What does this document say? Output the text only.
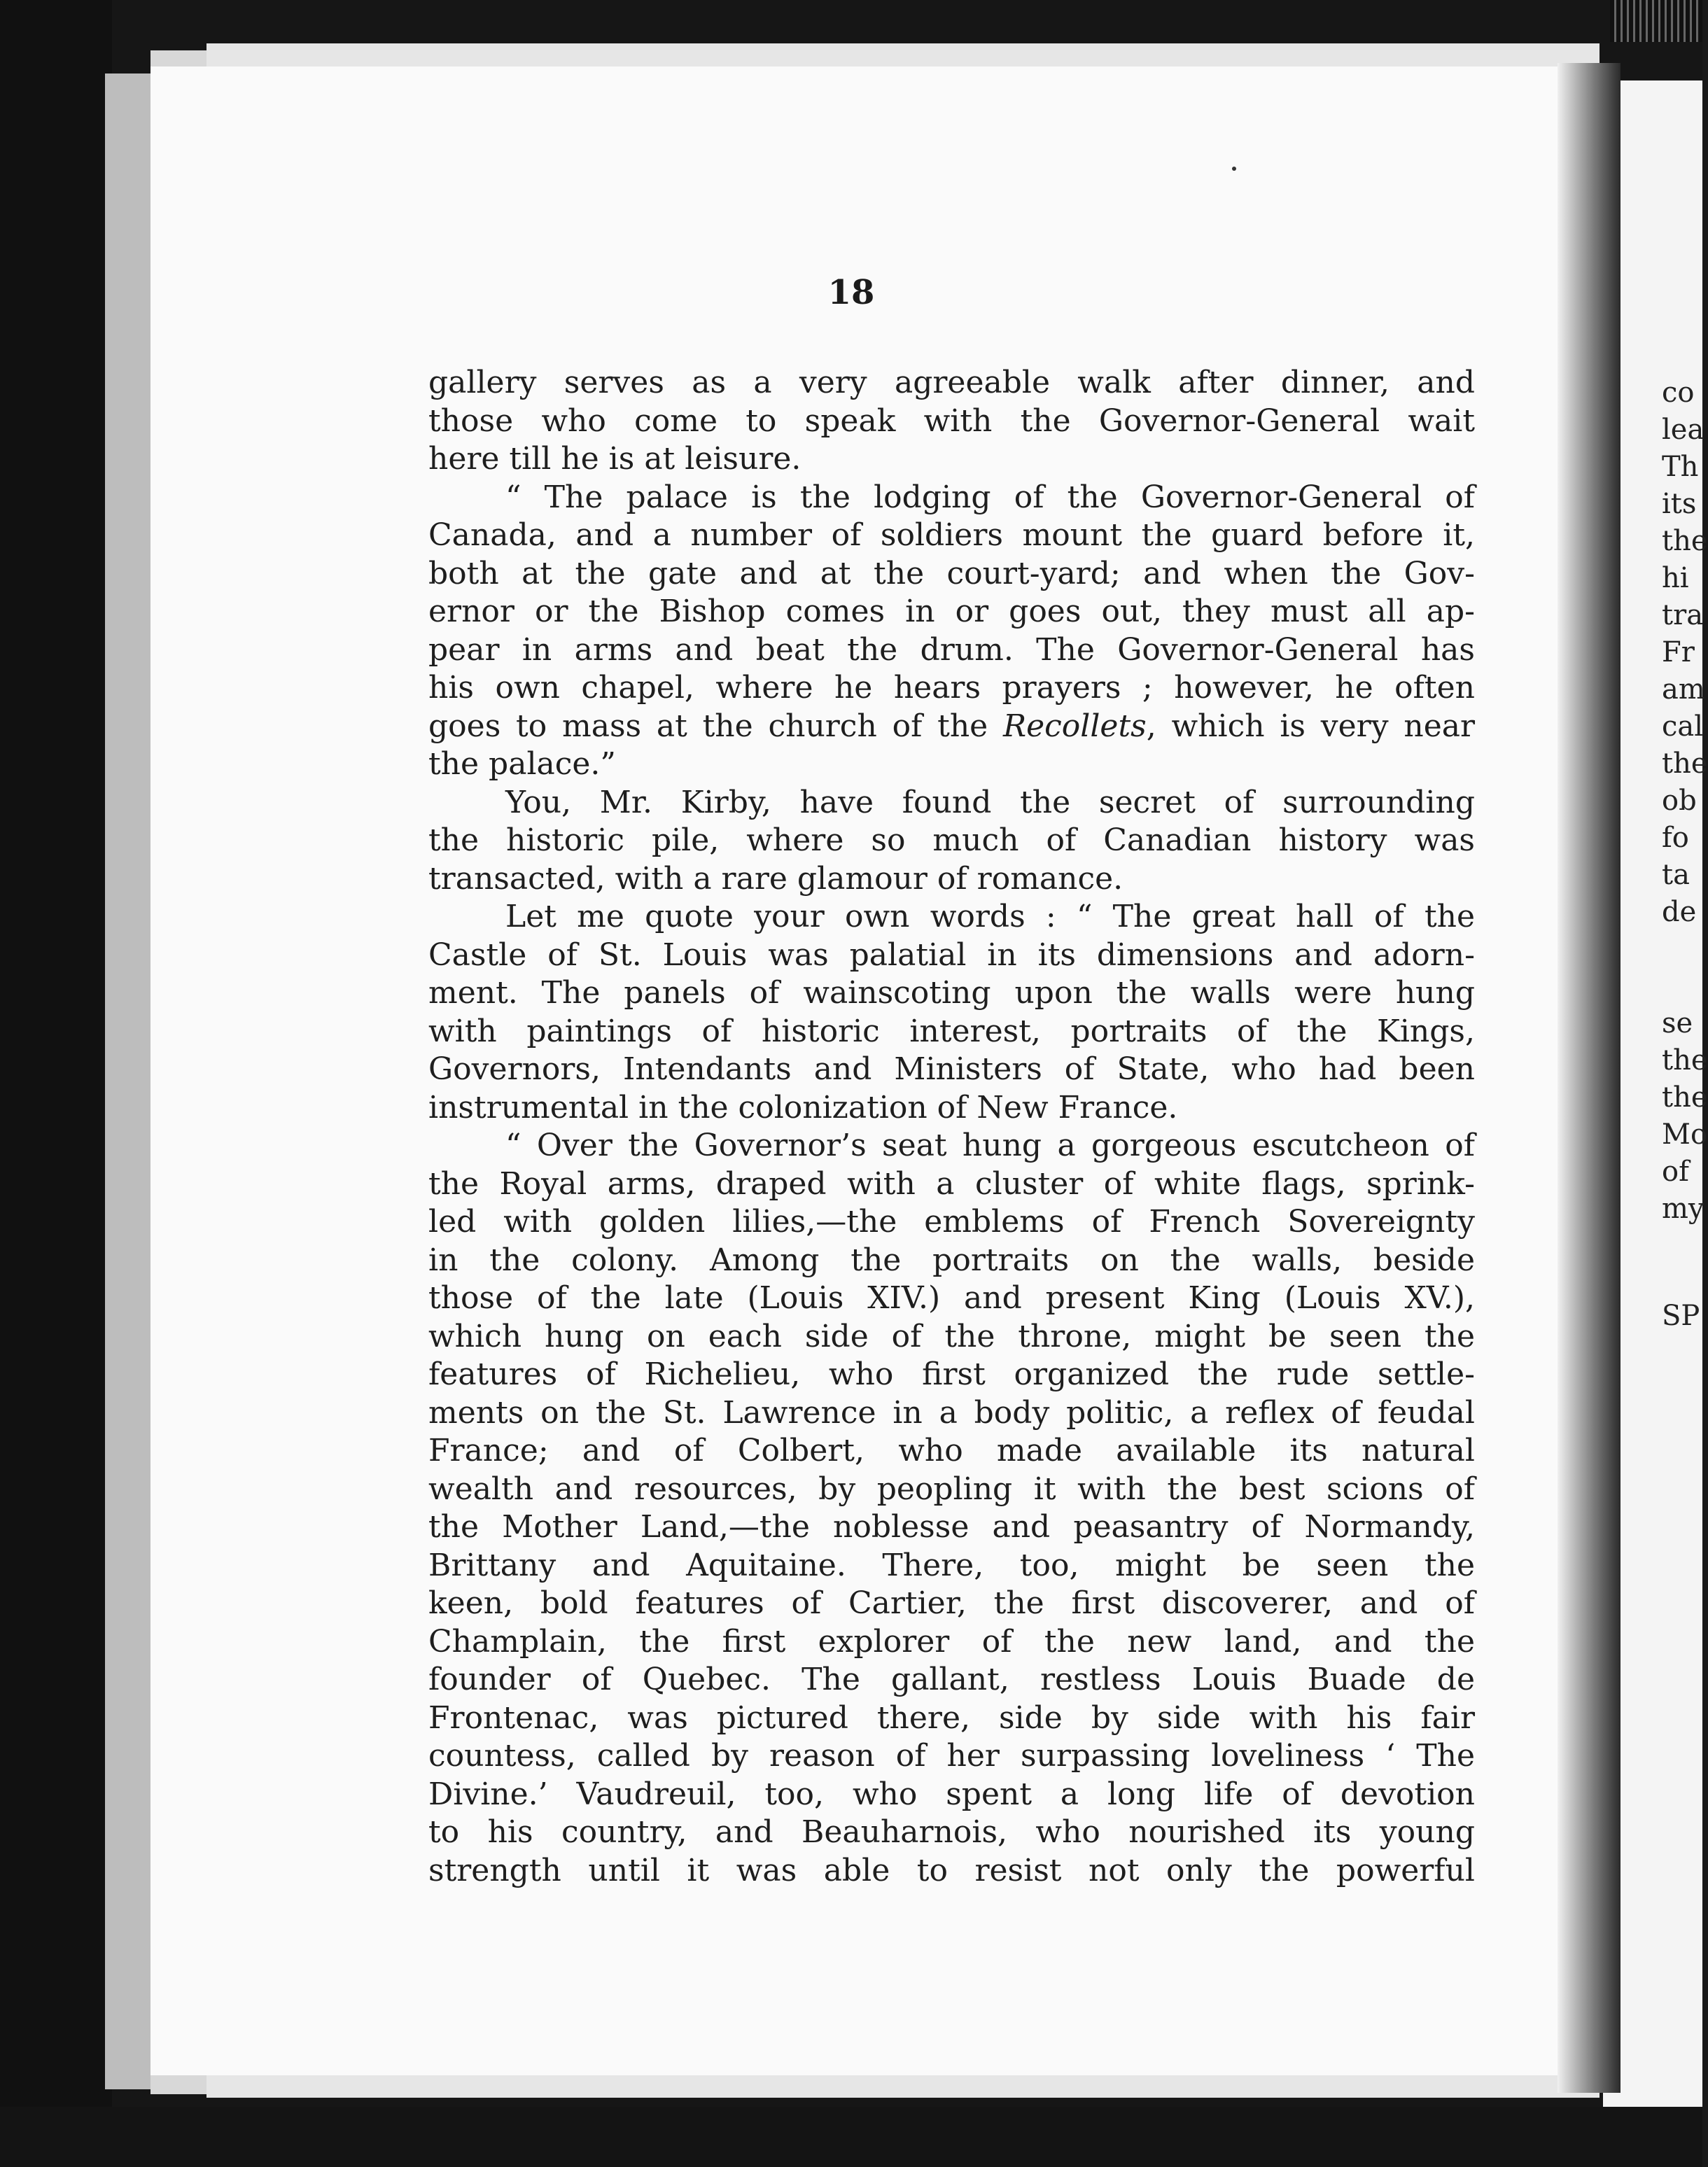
18
gallery serves as a very agreeable walk after dinner, and
those who come to speak with the Governor-General wait
here till he is at leisure.
“ The palace is the lodging of the Governor-General of
Canada, and a number of soldiers mount the guard before it,
both at the gate and at the court-yard; and when the Gov-
ernor or the Bishop comes in or goes out, they must all ap-
pear in arms and beat the drum. The Governor-General has
his own chapel, where he hears prayers ; however, he often
goes to mass at the church of the Recollets, which is very near
the palace.”
You, Mr. Kirby, have found the secret of surrounding
the historic pile, where so much of Canadian history was
transacted, with a rare glamour of romance.
Let me quote your own words : “ The great hall of the
Castle of St. Louis was palatial in its dimensions and adorn-
ment. The panels of wainscoting upon the walls were hung
with paintings of historic interest, portraits of the Kings,
Governors, Intendants and Ministers of State, who had been
instrumental in the colonization of New France.
“ Over the Governor’s seat hung a gorgeous escutcheon of
the Royal arms, draped with a cluster of white flags, sprink-
led with golden lilies,—the emblems of French Sovereignty
in the colony. Among the portraits on the walls, beside
those of the late (Louis XIV.) and present King (Louis XV.),
which hung on each side of the throne, might be seen the
features of Richelieu, who first organized the rude settle-
ments on the St. Lawrence in a body politic, a reflex of feudal
France; and of Colbert, who made available its natural
wealth and resources, by peopling it with the best scions of
the Mother Land,—the noblesse and peasantry of Normandy,
Brittany and Aquitaine. There, too, might be seen the
keen, bold features of Cartier, the first discoverer, and of
Champlain, the first explorer of the new land, and the
founder of Quebec. The gallant, restless Louis Buade de
Frontenac, was pictured there, side by side with his fair
countess, called by reason of her surpassing loveliness ‘ The
Divine.’ Vaudreuil, too, who spent a long life of devotion
to his country, and Beauharnois, who nourished its young
strength until it was able to resist not only the powerful
co
lea
Th
its
the
hi
tra
Fr
am
cal
the
ob
fo
ta
de
se
the
the
Mo
of
my
SP
